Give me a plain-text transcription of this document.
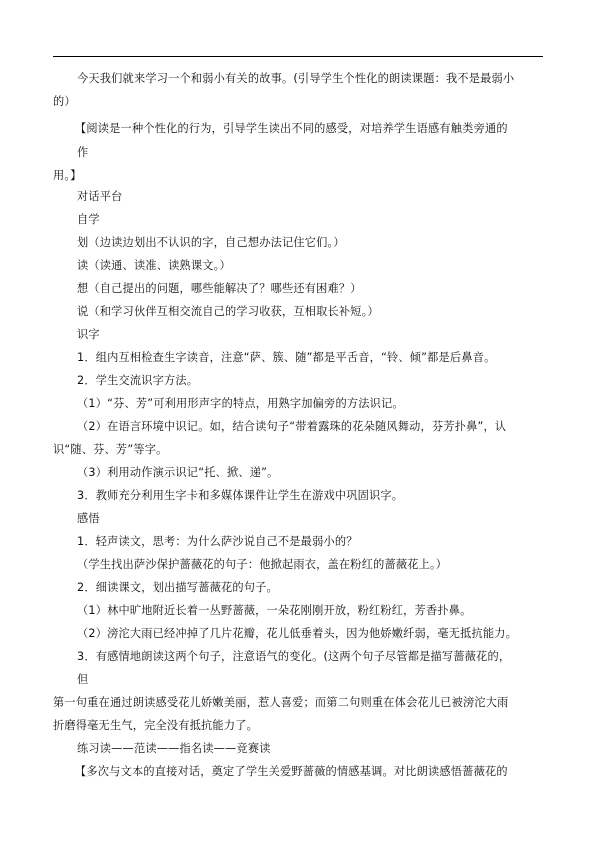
今天我们就来学习一个和弱小有关的故事。(引导学生个性化的朗读课题：我不是最弱小
的）
【阅读是一种个性化的行为，引导学生读出不同的感受，对培养学生语感有触类旁通的
作
用。】
对话平台
自学
划（边读边划出不认识的字，自己想办法记住它们。）
读（读通、读准、读熟课文。）
想（自己提出的问题，哪些能解决了？哪些还有困难？）
说（和学习伙伴互相交流自己的学习收获，互相取长补短。）
识字
1．组内互相检查生字读音，注意“萨、簇、随”都是平舌音，“铃、倾”都是后鼻音。
2．学生交流识字方法。
（1）“芬、芳”可利用形声字的特点，用熟字加偏旁的方法识记。
（2）在语言环境中识记。如，结合读句子“带着露珠的花朵随风舞动，芬芳扑鼻”，认
识“随、芬、芳”等字。
（3）利用动作演示识记“托、掀、递”。
3．教师充分利用生字卡和多媒体课件让学生在游戏中巩固识字。
感悟
1．轻声读文，思考：为什么萨沙说自己不是最弱小的？
（学生找出萨沙保护蔷薇花的句子：他掀起雨衣，盖在粉红的蔷薇花上。）
2．细读课文，划出描写蔷薇花的句子。
（1）林中旷地附近长着一丛野蔷薇，一朵花刚刚开放，粉红粉红，芳香扑鼻。
（2）滂沱大雨已经冲掉了几片花瓣，花儿低垂着头，因为他娇嫩纤弱，毫无抵抗能力。
3．有感情地朗读这两个句子，注意语气的变化。(这两个句子尽管都是描写蔷薇花的，
但
第一句重在通过朗读感受花儿娇嫩美丽，惹人喜爱；而第二句则重在体会花儿已被滂沱大雨
折磨得毫无生气，完全没有抵抗能力了。
练习读——范读——指名读——竞赛读
【多次与文本的直接对话，奠定了学生关爱野蔷薇的情感基调。对比朗读感悟蔷薇花的
